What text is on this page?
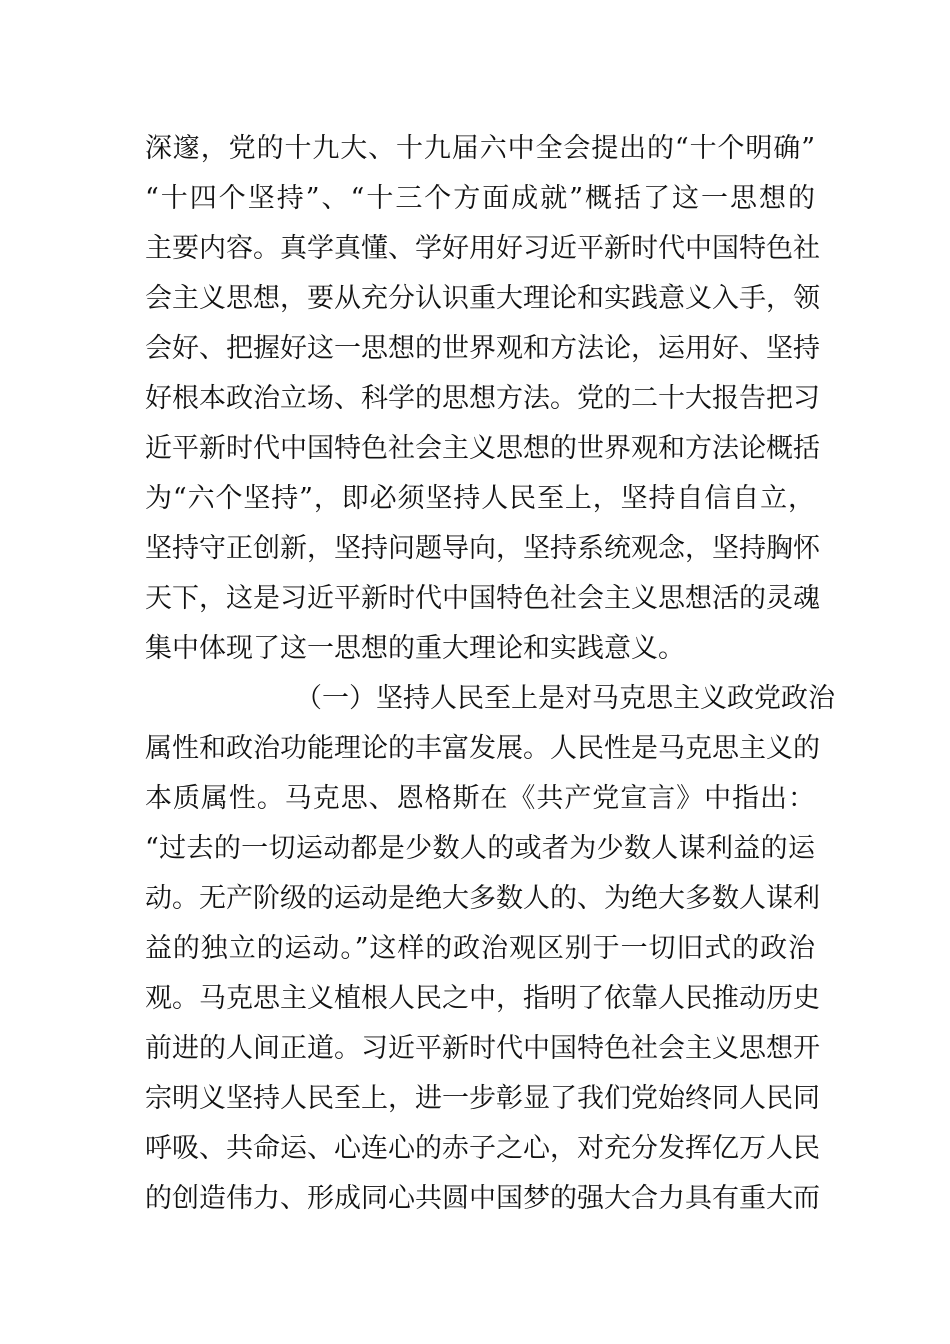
深邃，党的十九大、十九届六中全会提出的“十个明确”
“十四个坚持”、“十三个方面成就”概括了这一思想的
主要内容。真学真懂、学好用好习近平新时代中国特色社
会主义思想，要从充分认识重大理论和实践意义入手，领
会好、把握好这一思想的世界观和方法论，运用好、坚持
好根本政治立场、科学的思想方法。党的二十大报告把习
近平新时代中国特色社会主义思想的世界观和方法论概括
为“六个坚持”，即必须坚持人民至上，坚持自信自立，
坚持守正创新，坚持问题导向，坚持系统观念，坚持胸怀
天下，这是习近平新时代中国特色社会主义思想活的灵魂
集中体现了这一思想的重大理论和实践意义。
（一）坚持人民至上是对马克思主义政党政治
属性和政治功能理论的丰富发展。人民性是马克思主义的
本质属性。马克思、恩格斯在《共产党宣言》中指出：
“过去的一切运动都是少数人的或者为少数人谋利益的运
动。无产阶级的运动是绝大多数人的、为绝大多数人谋利
益的独立的运动。”这样的政治观区别于一切旧式的政治
观。马克思主义植根人民之中，指明了依靠人民推动历史
前进的人间正道。习近平新时代中国特色社会主义思想开
宗明义坚持人民至上，进一步彰显了我们党始终同人民同
呼吸、共命运、心连心的赤子之心，对充分发挥亿万人民
的创造伟力、形成同心共圆中国梦的强大合力具有重大而
